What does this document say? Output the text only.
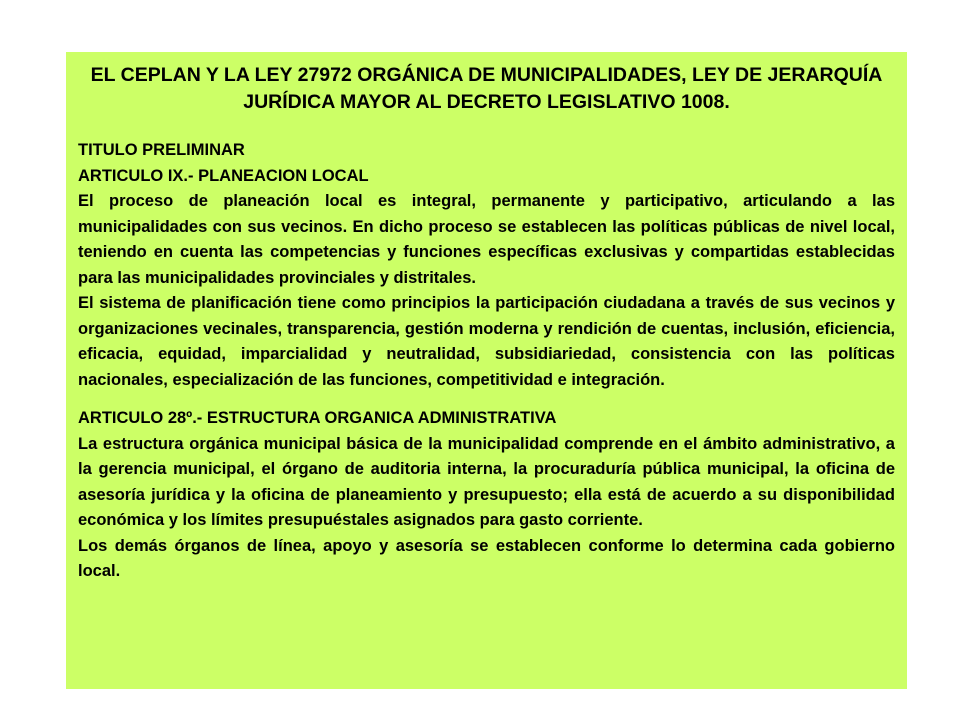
EL CEPLAN Y LA LEY 27972 ORGÁNICA DE MUNICIPALIDADES, LEY DE JERARQUÍA JURÍDICA MAYOR AL DECRETO LEGISLATIVO 1008.
TITULO PRELIMINAR
ARTICULO IX.- PLANEACION LOCAL
El proceso de planeación local es integral, permanente y participativo, articulando a las municipalidades con sus vecinos. En dicho proceso se establecen las políticas públicas de nivel local, teniendo en cuenta las competencias y funciones específicas exclusivas y compartidas establecidas para las municipalidades provinciales y distritales.
El sistema de planificación tiene como principios la participación ciudadana a través de sus vecinos y organizaciones vecinales, transparencia, gestión moderna y rendición de cuentas, inclusión, eficiencia, eficacia, equidad, imparcialidad y neutralidad, subsidiariedad, consistencia con las políticas nacionales, especialización de las funciones, competitividad e integración.
ARTICULO 28º.- ESTRUCTURA ORGANICA ADMINISTRATIVA
La estructura orgánica municipal básica de la municipalidad comprende en el ámbito administrativo, a la gerencia municipal, el órgano de auditoria interna, la procuraduría pública municipal, la oficina de asesoría jurídica y la oficina de planeamiento y presupuesto; ella está de acuerdo a su disponibilidad económica y los límites presupuéstales asignados para gasto corriente.
Los demás órganos de línea, apoyo y asesoría se establecen conforme lo determina cada gobierno local.
